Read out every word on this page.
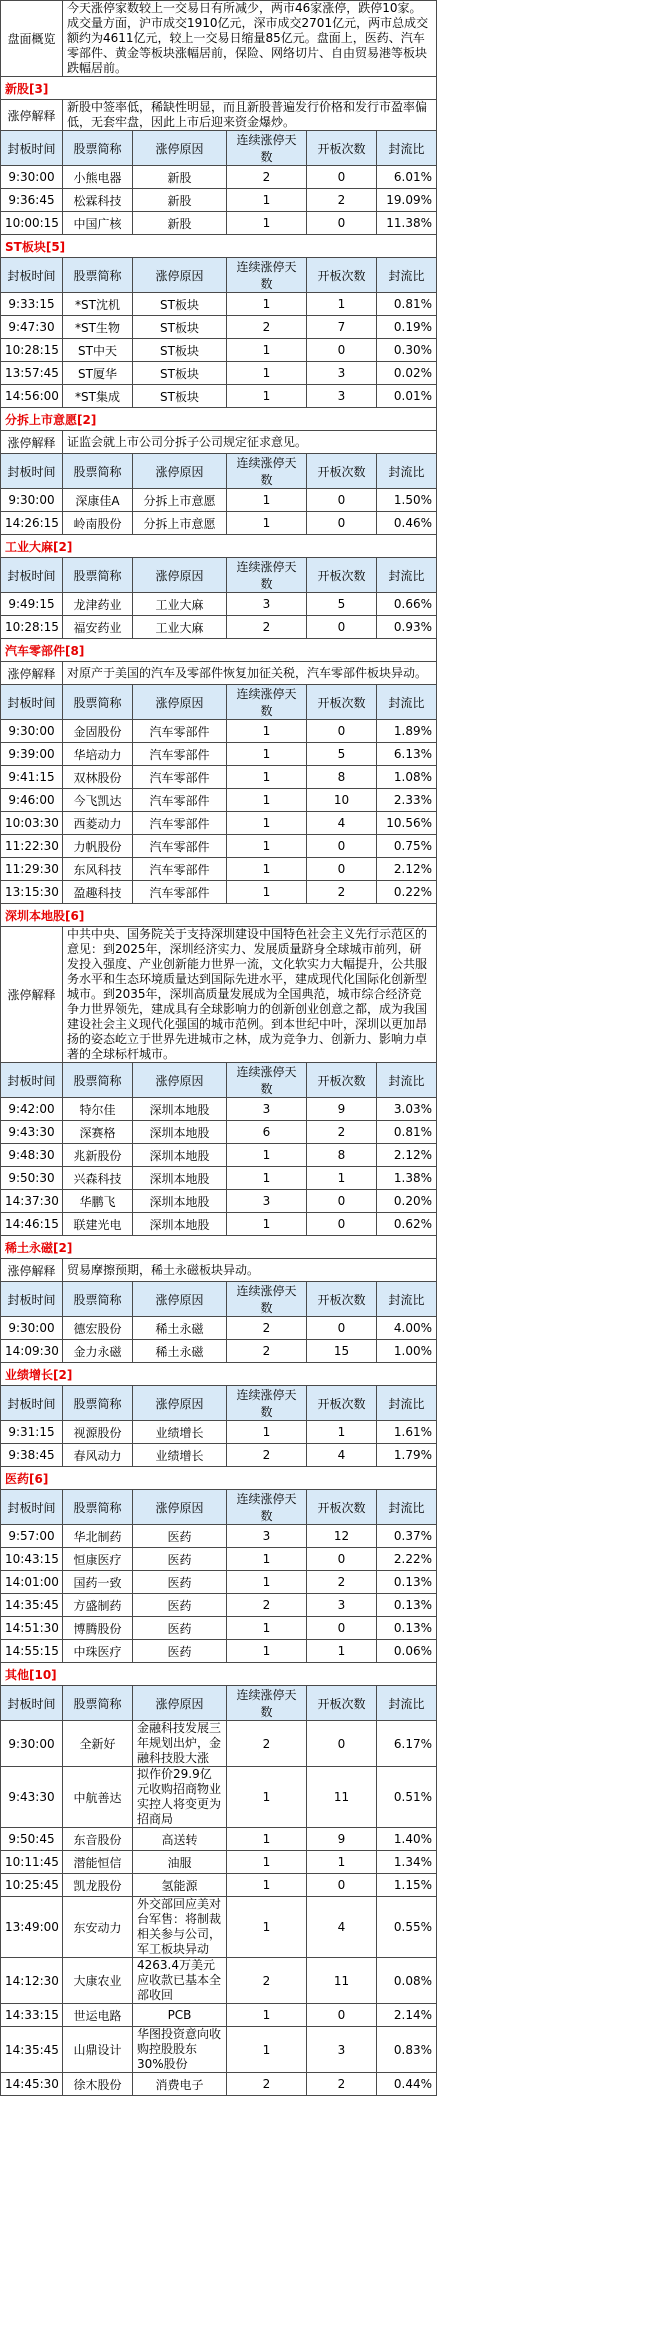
盘面概览	今天涨停家数较上一交易日有所减少，两市46家涨停，跌停10家。成交量方面，沪市成交1910亿元，深市成交2701亿元，两市总成交额约为4611亿元，较上一交易日缩量85亿元。盘面上，医药、汽车零部件、黄金等板块涨幅居前，保险、网络切片、自由贸易港等板块跌幅居前。				
新股[3]					
涨停解释	新股中签率低，稀缺性明显，而且新股普遍发行价格和发行市盈率偏低，无套牢盘，因此上市后迎来资金爆炒。				
封板时间	股票简称	涨停原因	连续涨停天数	开板次数	封流比
9:30:00	小熊电器	新股	2	0	6.01%
9:36:45	松霖科技	新股	1	2	19.09%
10:00:15	中国广核	新股	1	0	11.38%
ST板块[5]					
封板时间	股票简称	涨停原因	连续涨停天数	开板次数	封流比
9:33:15	*ST沈机	ST板块	1	1	0.81%
9:47:30	*ST生物	ST板块	2	7	0.19%
10:28:15	ST中天	ST板块	1	0	0.30%
13:57:45	ST厦华	ST板块	1	3	0.02%
14:56:00	*ST集成	ST板块	1	3	0.01%
分拆上市意愿[2]					
涨停解释	证监会就上市公司分拆子公司规定征求意见。				
封板时间	股票简称	涨停原因	连续涨停天数	开板次数	封流比
9:30:00	深康佳A	分拆上市意愿	1	0	1.50%
14:26:15	岭南股份	分拆上市意愿	1	0	0.46%
工业大麻[2]					
封板时间	股票简称	涨停原因	连续涨停天数	开板次数	封流比
9:49:15	龙津药业	工业大麻	3	5	0.66%
10:28:15	福安药业	工业大麻	2	0	0.93%
汽车零部件[8]					
涨停解释	对原产于美国的汽车及零部件恢复加征关税，汽车零部件板块异动。				
封板时间	股票简称	涨停原因	连续涨停天数	开板次数	封流比
9:30:00	金固股份	汽车零部件	1	0	1.89%
9:39:00	华培动力	汽车零部件	1	5	6.13%
9:41:15	双林股份	汽车零部件	1	8	1.08%
9:46:00	今飞凯达	汽车零部件	1	10	2.33%
10:03:30	西菱动力	汽车零部件	1	4	10.56%
11:22:30	力帆股份	汽车零部件	1	0	0.75%
11:29:30	东风科技	汽车零部件	1	0	2.12%
13:15:30	盈趣科技	汽车零部件	1	2	0.22%
深圳本地股[6]					
涨停解释	中共中央、国务院关于支持深圳建设中国特色社会主义先行示范区的意见：到2025年，深圳经济实力、发展质量跻身全球城市前列，研发投入强度、产业创新能力世界一流，文化软实力大幅提升，公共服务水平和生态环境质量达到国际先进水平，建成现代化国际化创新型城市。到2035年，深圳高质量发展成为全国典范，城市综合经济竞争力世界领先，建成具有全球影响力的创新创业创意之都，成为我国建设社会主义现代化强国的城市范例。到本世纪中叶，深圳以更加昂扬的姿态屹立于世界先进城市之林，成为竞争力、创新力、影响力卓著的全球标杆城市。				
封板时间	股票简称	涨停原因	连续涨停天数	开板次数	封流比
9:42:00	特尔佳	深圳本地股	3	9	3.03%
9:43:30	深赛格	深圳本地股	6	2	0.81%
9:48:30	兆新股份	深圳本地股	1	8	2.12%
9:50:30	兴森科技	深圳本地股	1	1	1.38%
14:37:30	华鹏飞	深圳本地股	3	0	0.20%
14:46:15	联建光电	深圳本地股	1	0	0.62%
稀土永磁[2]					
涨停解释	贸易摩擦预期，稀土永磁板块异动。				
封板时间	股票简称	涨停原因	连续涨停天数	开板次数	封流比
9:30:00	德宏股份	稀土永磁	2	0	4.00%
14:09:30	金力永磁	稀土永磁	2	15	1.00%
业绩增长[2]					
封板时间	股票简称	涨停原因	连续涨停天数	开板次数	封流比
9:31:15	视源股份	业绩增长	1	1	1.61%
9:38:45	春风动力	业绩增长	2	4	1.79%
医药[6]					
封板时间	股票简称	涨停原因	连续涨停天数	开板次数	封流比
9:57:00	华北制药	医药	3	12	0.37%
10:43:15	恒康医疗	医药	1	0	2.22%
14:01:00	国药一致	医药	1	2	0.13%
14:35:45	方盛制药	医药	2	3	0.13%
14:51:30	博腾股份	医药	1	0	0.13%
14:55:15	中珠医疗	医药	1	1	0.06%
其他[10]					
封板时间	股票简称	涨停原因	连续涨停天数	开板次数	封流比
9:30:00	全新好	金融科技发展三年规划出炉，金融科技股大涨	2	0	6.17%
9:43:30	中航善达	拟作价29.9亿元收购招商物业 实控人将变更为招商局	1	11	0.51%
9:50:45	东音股份	高送转	1	9	1.40%
10:11:45	潜能恒信	油服	1	1	1.34%
10:25:45	凯龙股份	氢能源	1	0	1.15%
13:49:00	东安动力	外交部回应美对台军售：将制裁相关参与公司，军工板块异动	1	4	0.55%
14:12:30	大康农业	4263.4万美元应收款已基本全部收回	2	11	0.08%
14:33:15	世运电路	PCB	1	0	2.14%
14:35:45	山鼎设计	华图投资意向收购控股股东30%股份	1	3	0.83%
14:45:30	徐木股份	消费电子	2	2	0.44%
